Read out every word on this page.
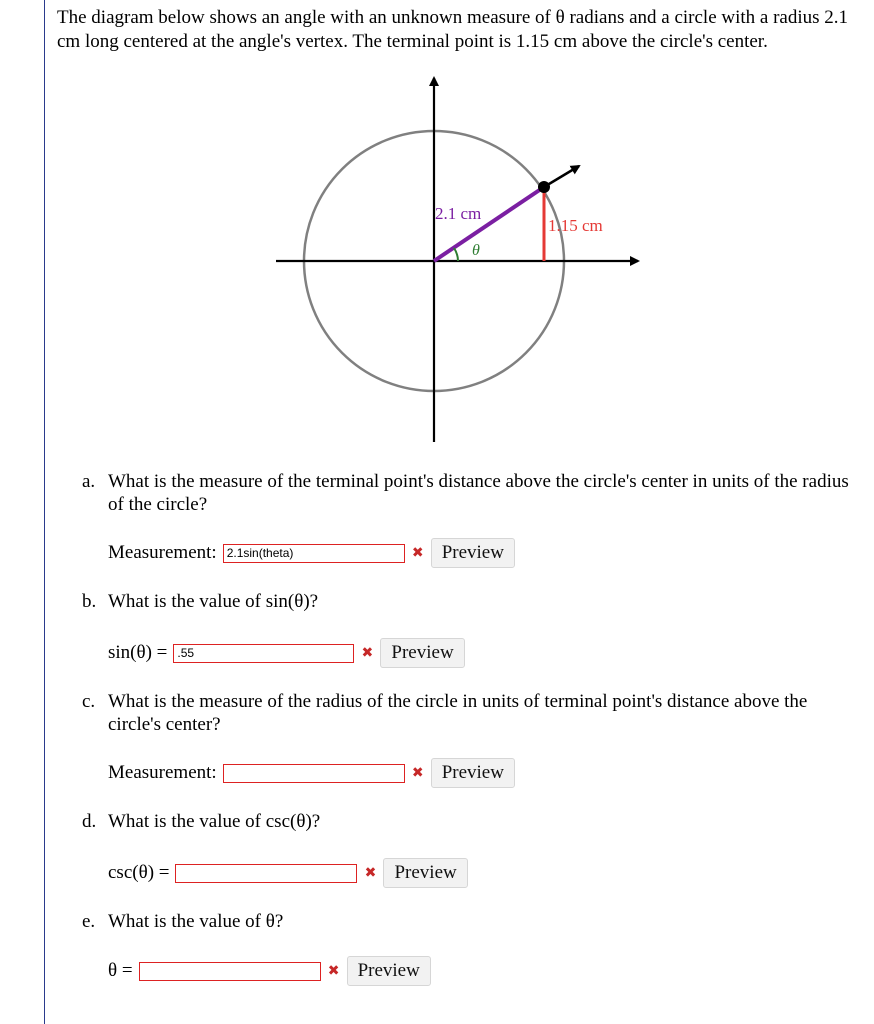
The diagram below shows an angle with an unknown measure of θ radians and a circle with a radius 2.1 cm long centered at the angle's vertex. The terminal point is 1.15 cm above the circle's center.
2.1 cm
1.15 cm
θ
a. What is the measure of the terminal point's distance above the circle's center in units of the radius of the circle?
Measurement:
2.1sin(theta)	✖ Preview
b. What is the value of sin(θ)?
sin(θ) =
.55	✖ Preview
c. What is the measure of the radius of the circle in units of terminal point's distance above the circle's center?
Measurement:	✖ Preview
d. What is the value of csc(θ)?
csc(θ) =	✖ Preview
e. What is the value of θ?
θ =	✖ Preview
